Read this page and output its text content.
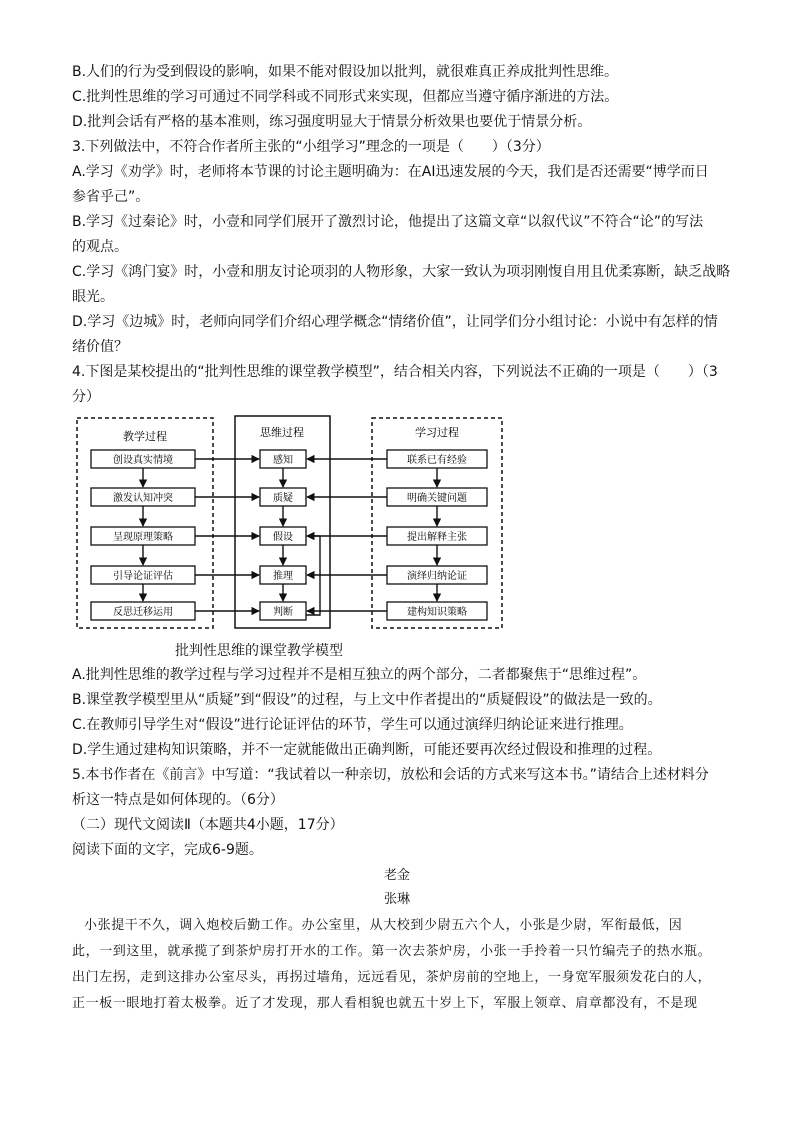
B.人们的行为受到假设的影响，如果不能对假设加以批判，就很难真正养成批判性思维。
C.批判性思维的学习可通过不同学科或不同形式来实现，但都应当遵守循序渐进的方法。
D.批判会话有严格的基本准则，练习强度明显大于情景分析效果也要优于情景分析。
3.下列做法中，不符合作者所主张的“小组学习”理念的一项是（　　）（3分）
A.学习《劝学》时，老师将本节课的讨论主题明确为：在AI迅速发展的今天，我们是否还需要“博学而日
参省乎己”。
B.学习《过秦论》时，小壹和同学们展开了激烈讨论，他提出了这篇文章“以叙代议”不符合“论”的写法
的观点。
C.学习《鸿门宴》时，小壹和朋友讨论项羽的人物形象，大家一致认为项羽刚愎自用且优柔寡断，缺乏战略
眼光。
D.学习《边城》时，老师向同学们介绍心理学概念“情绪价值”，让同学们分小组讨论：小说中有怎样的情
绪价值？
4.下图是某校提出的“批判性思维的课堂教学模型”，结合相关内容，下列说法不正确的一项是（　　）（3
分）
教学过程	思维过程	学习过程
创设真实情境
激发认知冲突
呈现原理策略
引导论证评估
反思迁移运用
感知
质疑
假设
推理
判断
联系已有经验
明确关键问题
提出解释主张
演绎归纳论证
建构知识策略
批判性思维的课堂教学模型
A.批判性思维的教学过程与学习过程并不是相互独立的两个部分，二者都聚焦于“思维过程”。
B.课堂教学模型里从“质疑”到“假设”的过程，与上文中作者提出的“质疑假设”的做法是一致的。
C.在教师引导学生对“假设”进行论证评估的环节，学生可以通过演绎归纳论证来进行推理。
D.学生通过建构知识策略，并不一定就能做出正确判断，可能还要再次经过假设和推理的过程。
5.本书作者在《前言》中写道：“我试着以一种亲切，放松和会话的方式来写这本书。”请结合上述材料分
析这一特点是如何体现的。（6分）
（二）现代文阅读Ⅱ（本题共4小题，17分）
阅读下面的文字，完成6-9题。
老金
张琳
小张提干不久，调入炮校后勤工作。办公室里，从大校到少尉五六个人，小张是少尉，军衔最低，因
此，一到这里，就承揽了到茶炉房打开水的工作。第一次去茶炉房，小张一手拎着一只竹编壳子的热水瓶。
出门左拐，走到这排办公室尽头，再拐过墙角，远远看见，茶炉房前的空地上，一身宽军服须发花白的人，
正一板一眼地打着太极拳。近了才发现，那人看相貌也就五十岁上下，军服上领章、肩章都没有，不是现
